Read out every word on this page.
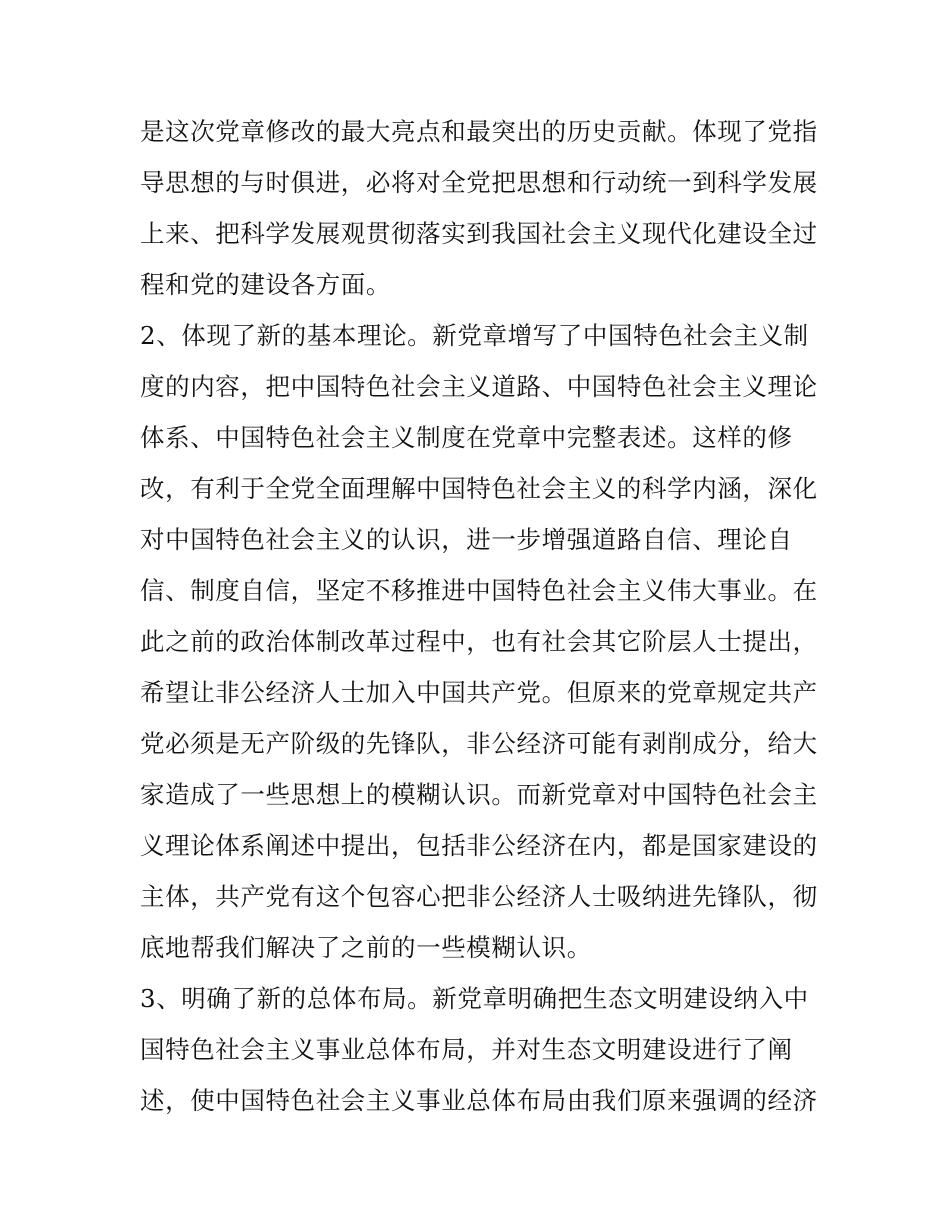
是这次党章修改的最大亮点和最突出的历史贡献。体现了党指
导思想的与时俱进，必将对全党把思想和行动统一到科学发展
上来、把科学发展观贯彻落实到我国社会主义现代化建设全过
程和党的建设各方面。
2、体现了新的基本理论。新党章增写了中国特色社会主义制
度的内容，把中国特色社会主义道路、中国特色社会主义理论
体系、中国特色社会主义制度在党章中完整表述。这样的修
改，有利于全党全面理解中国特色社会主义的科学内涵，深化
对中国特色社会主义的认识，进一步增强道路自信、理论自
信、制度自信，坚定不移推进中国特色社会主义伟大事业。在
此之前的政治体制改革过程中，也有社会其它阶层人士提出，
希望让非公经济人士加入中国共产党。但原来的党章规定共产
党必须是无产阶级的先锋队，非公经济可能有剥削成分，给大
家造成了一些思想上的模糊认识。而新党章对中国特色社会主
义理论体系阐述中提出，包括非公经济在内，都是国家建设的
主体，共产党有这个包容心把非公经济人士吸纳进先锋队，彻
底地帮我们解决了之前的一些模糊认识。
3、明确了新的总体布局。新党章明确把生态文明建设纳入中
国特色社会主义事业总体布局，并对生态文明建设进行了阐
述，使中国特色社会主义事业总体布局由我们原来强调的经济
